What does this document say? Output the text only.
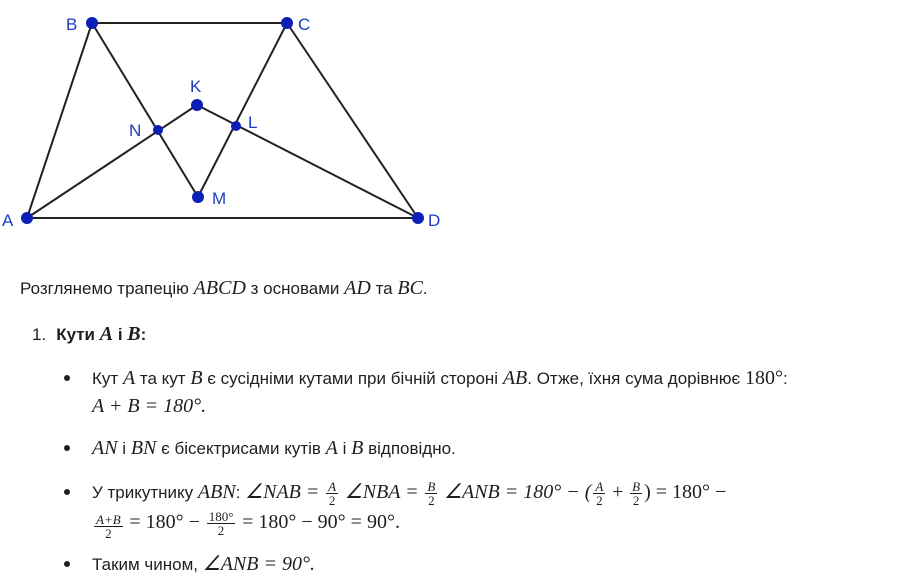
B	C
K
N	L
M
A	D

Розглянемо трапецію ABCD з основами AD та BC.

1. Кути A і B:
Кут A та кут B є сусідніми кутами при бічній стороні AB. Отже, їхня сума дорівнює 180°:
A + B = 180°.
AN і BN є бісектрисами кутів A і B відповідно.
У трикутнику ABN: ∠NAB = $\frac{A}{2}$ ∠NBA = $\frac{B}{2}$ ∠ANB = 180° − ( $\frac{A}{2} + \frac{B}{2}$ ) = 180° −

$\frac{A+B}{2} = 180^\circ - \frac{180^\circ}{2} = 180^\circ - 90^\circ = 90^\circ$.
Таким чином, ∠ANB = 90°.
